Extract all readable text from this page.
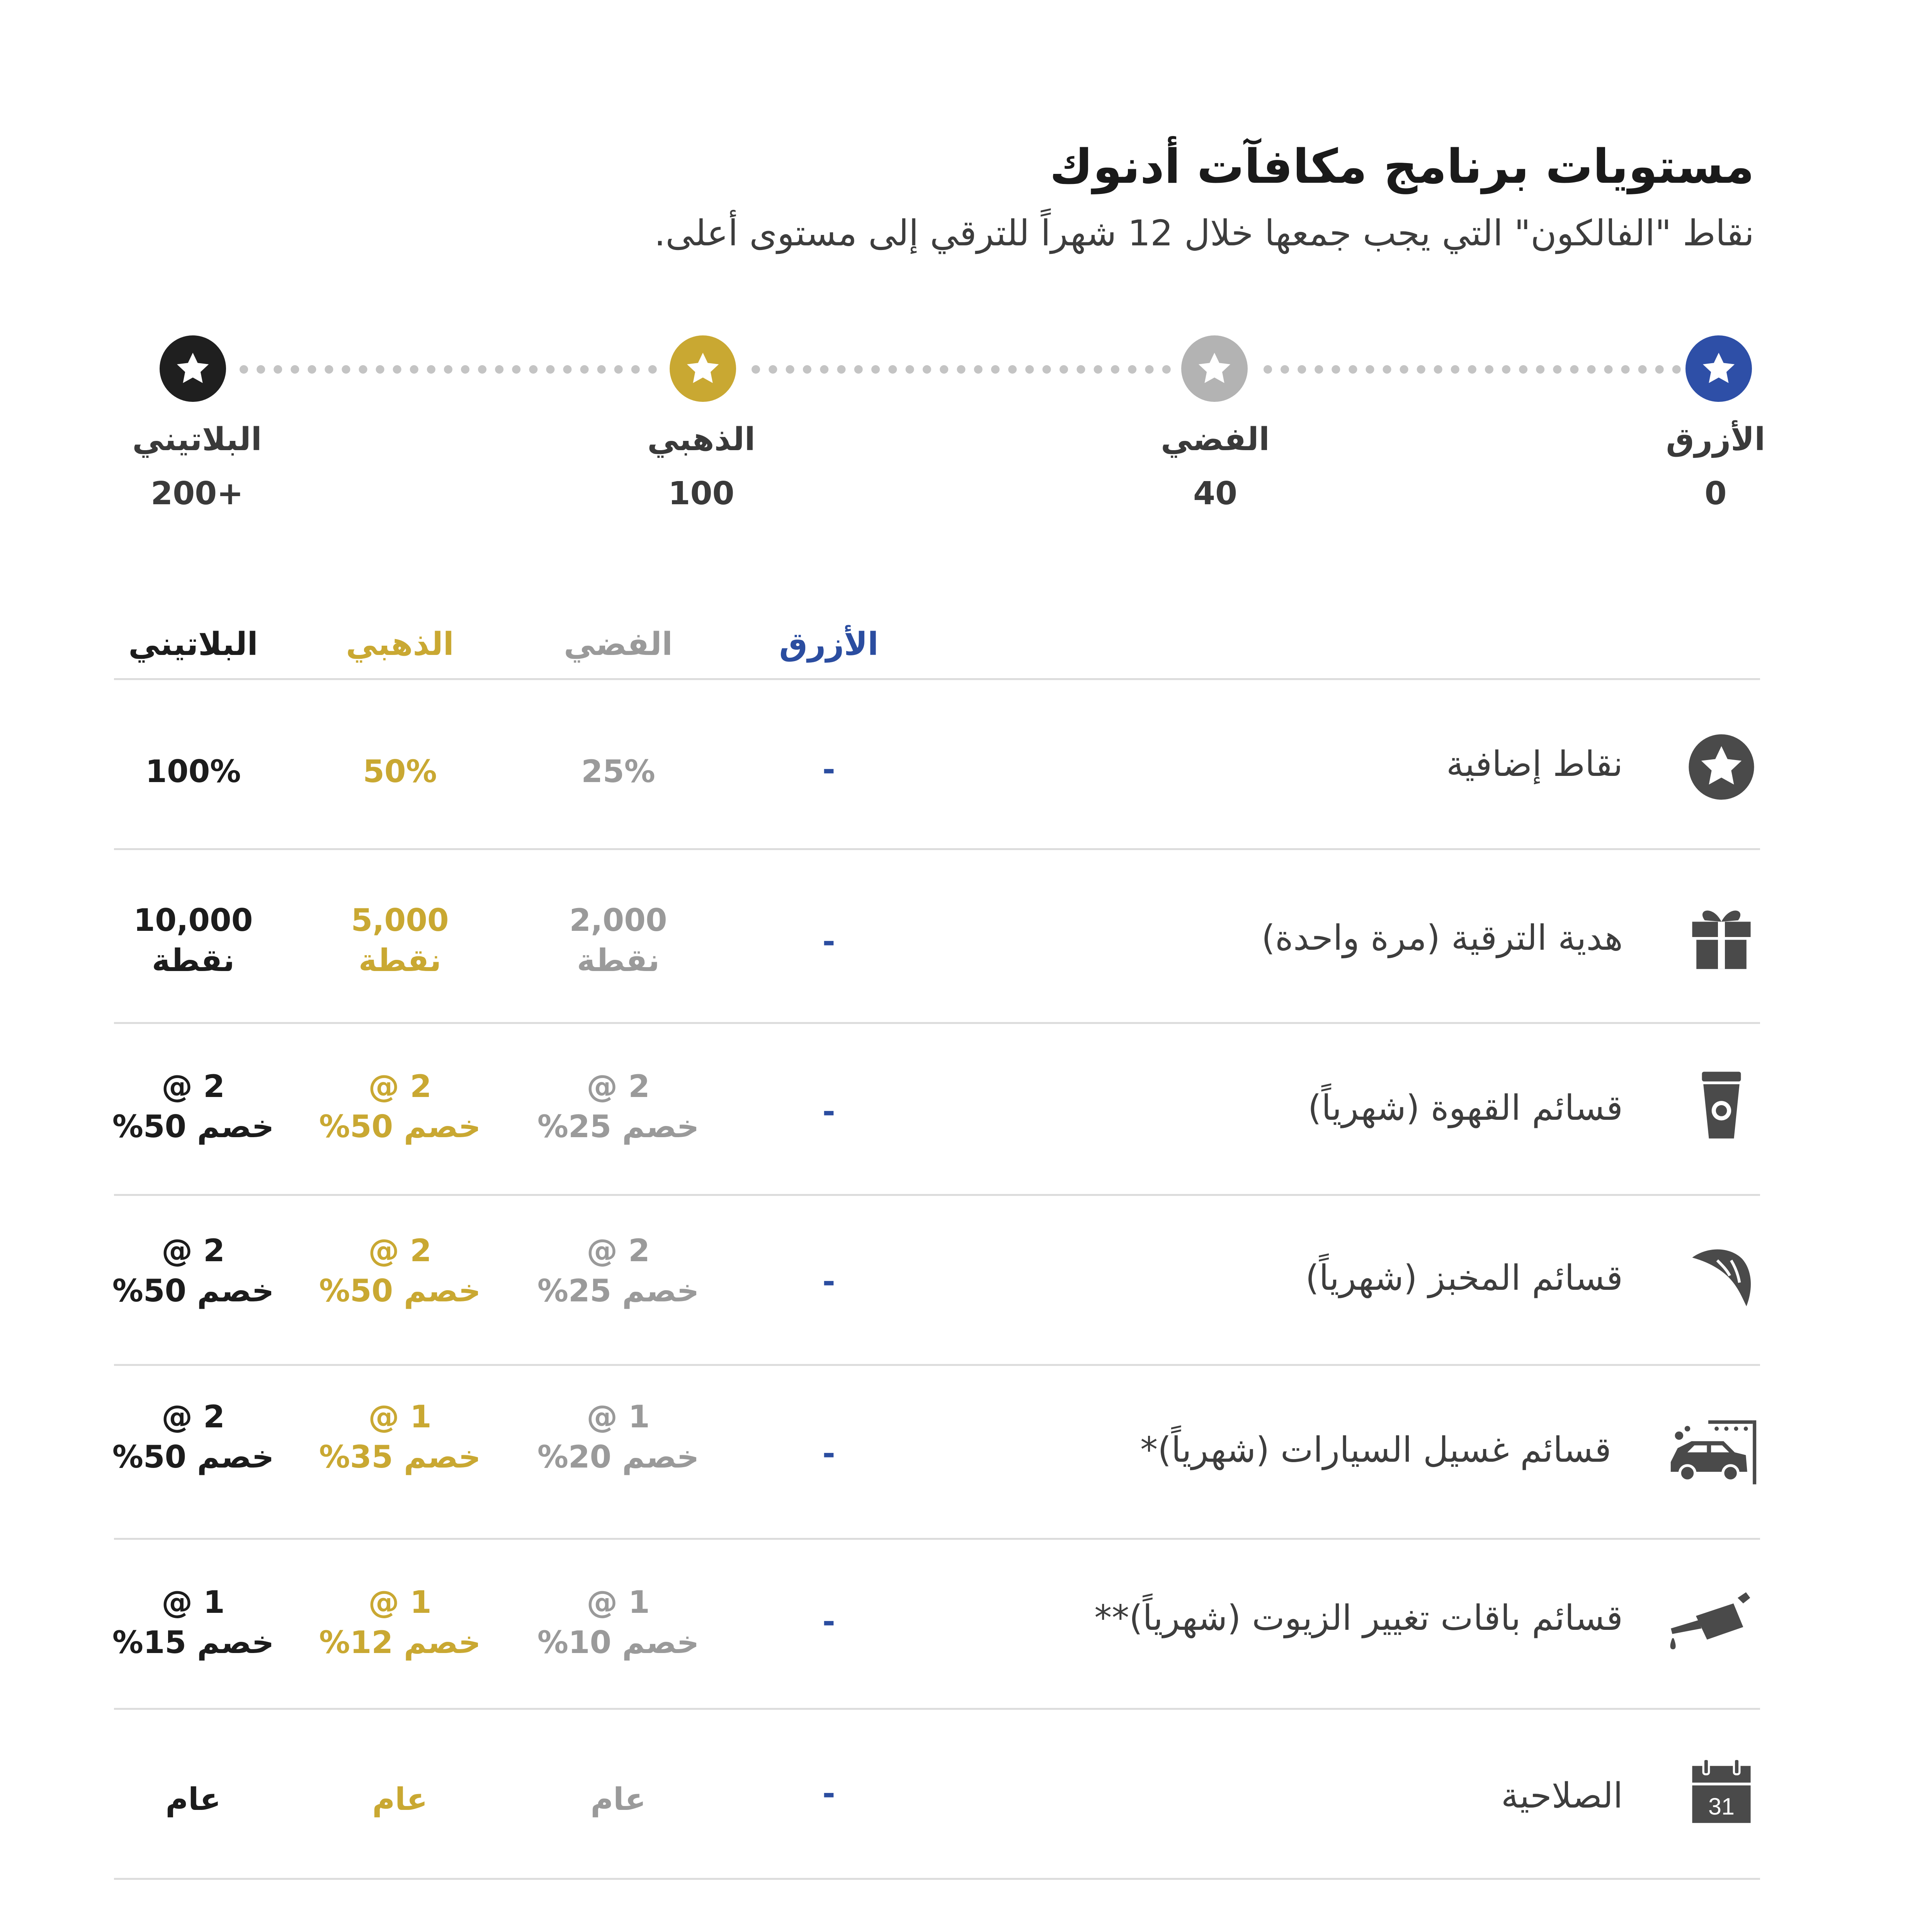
مستويات برنامج مكافآت أدنوك
نقاط "الفالكون" التي يجب جمعها خلال 12 شهراً للترقي إلى مستوى أعلى.
الأزرق
الفضي
الذهبي
البلاتيني
0
40
100
200+
الأزرق
الفضي
الذهبي
البلاتيني
نقاط إضافية
-
25%
50%
100%
هدية الترقية (مرة واحدة)
-
2,000
نقطة
5,000
نقطة
10,000
نقطة
قسائم القهوة (شهرياً)
-
2 @
خصم 25%
2 @
خصم 50%
2 @
خصم 50%
قسائم المخبز (شهرياً)
-
2 @
خصم 25%
2 @
خصم 50%
2 @
خصم 50%
قسائم غسيل السيارات (شهرياً)*
-
1 @
خصم 20%
1 @
خصم 35%
2 @
خصم 50%
قسائم باقات تغيير الزيوت (شهرياً)**
-
1 @
خصم 10%
1 @
خصم 12%
1 @
خصم 15%
31
الصلاحية
-
عام
عام
عام
